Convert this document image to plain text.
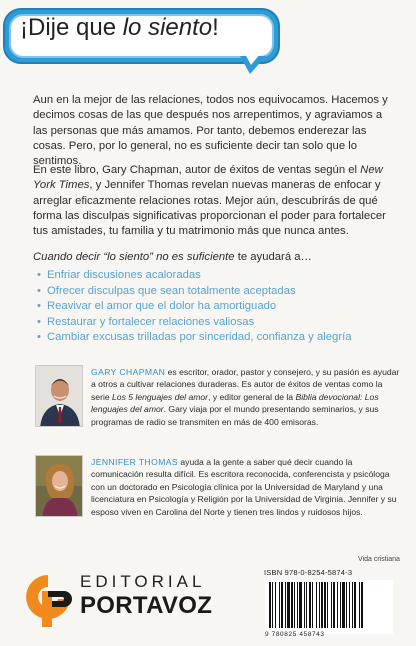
¡Dije que lo siento!

Aun en la mejor de las relaciones, todos nos equivocamos. Hacemos y decimos cosas de las que después nos arrepentimos, y agraviamos a las personas que más amamos. Por tanto, debemos enderezar las cosas. Pero, por lo general, no es suficiente decir tan solo que lo sentimos.

En este libro, Gary Chapman, autor de éxitos de ventas según el New York Times, y Jennifer Thomas revelan nuevas maneras de enfocar y arreglar eficazmente relaciones rotas. Mejor aún, descubrirás de qué forma las disculpas significativas proporcionan el poder para fortalecer tus amistades, tu familia y tu matrimonio más que nunca antes.

Cuando decir “lo siento” no es suficiente te ayudará a…

• Enfriar discusiones acaloradas
• Ofrecer disculpas que sean totalmente aceptadas
• Reavivar el amor que el dolor ha amortiguado
• Restaurar y fortalecer relaciones valiosas
• Cambiar excusas trilladas por sinceridad, confianza y alegría

GARY CHAPMAN es escritor, orador, pastor y consejero, y su pasión es ayudar a otros a cultivar relaciones duraderas. Es autor de éxitos de ventas como la serie Los 5 lenguajes del amor, y editor general de la Biblia devocional: Los lenguajes del amor. Gary viaja por el mundo presentando seminarios, y sus programas de radio se transmiten en más de 400 emisoras.

JENNIFER THOMAS ayuda a la gente a saber qué decir cuando la comunicación resulta difícil. Es escritora reconocida, conferencista y psicóloga con un doctorado en Psicología clínica por la Universidad de Maryland y una licenciatura en Psicología y Religión por la Universidad de Virginia. Jennifer y su esposo viven en Carolina del Norte y tienen tres lindos y ruidosos hijos.

EDITORIAL
PORTAVOZ
Vida cristiana
ISBN 978-0-8254-5874-3
9 780825 458743
